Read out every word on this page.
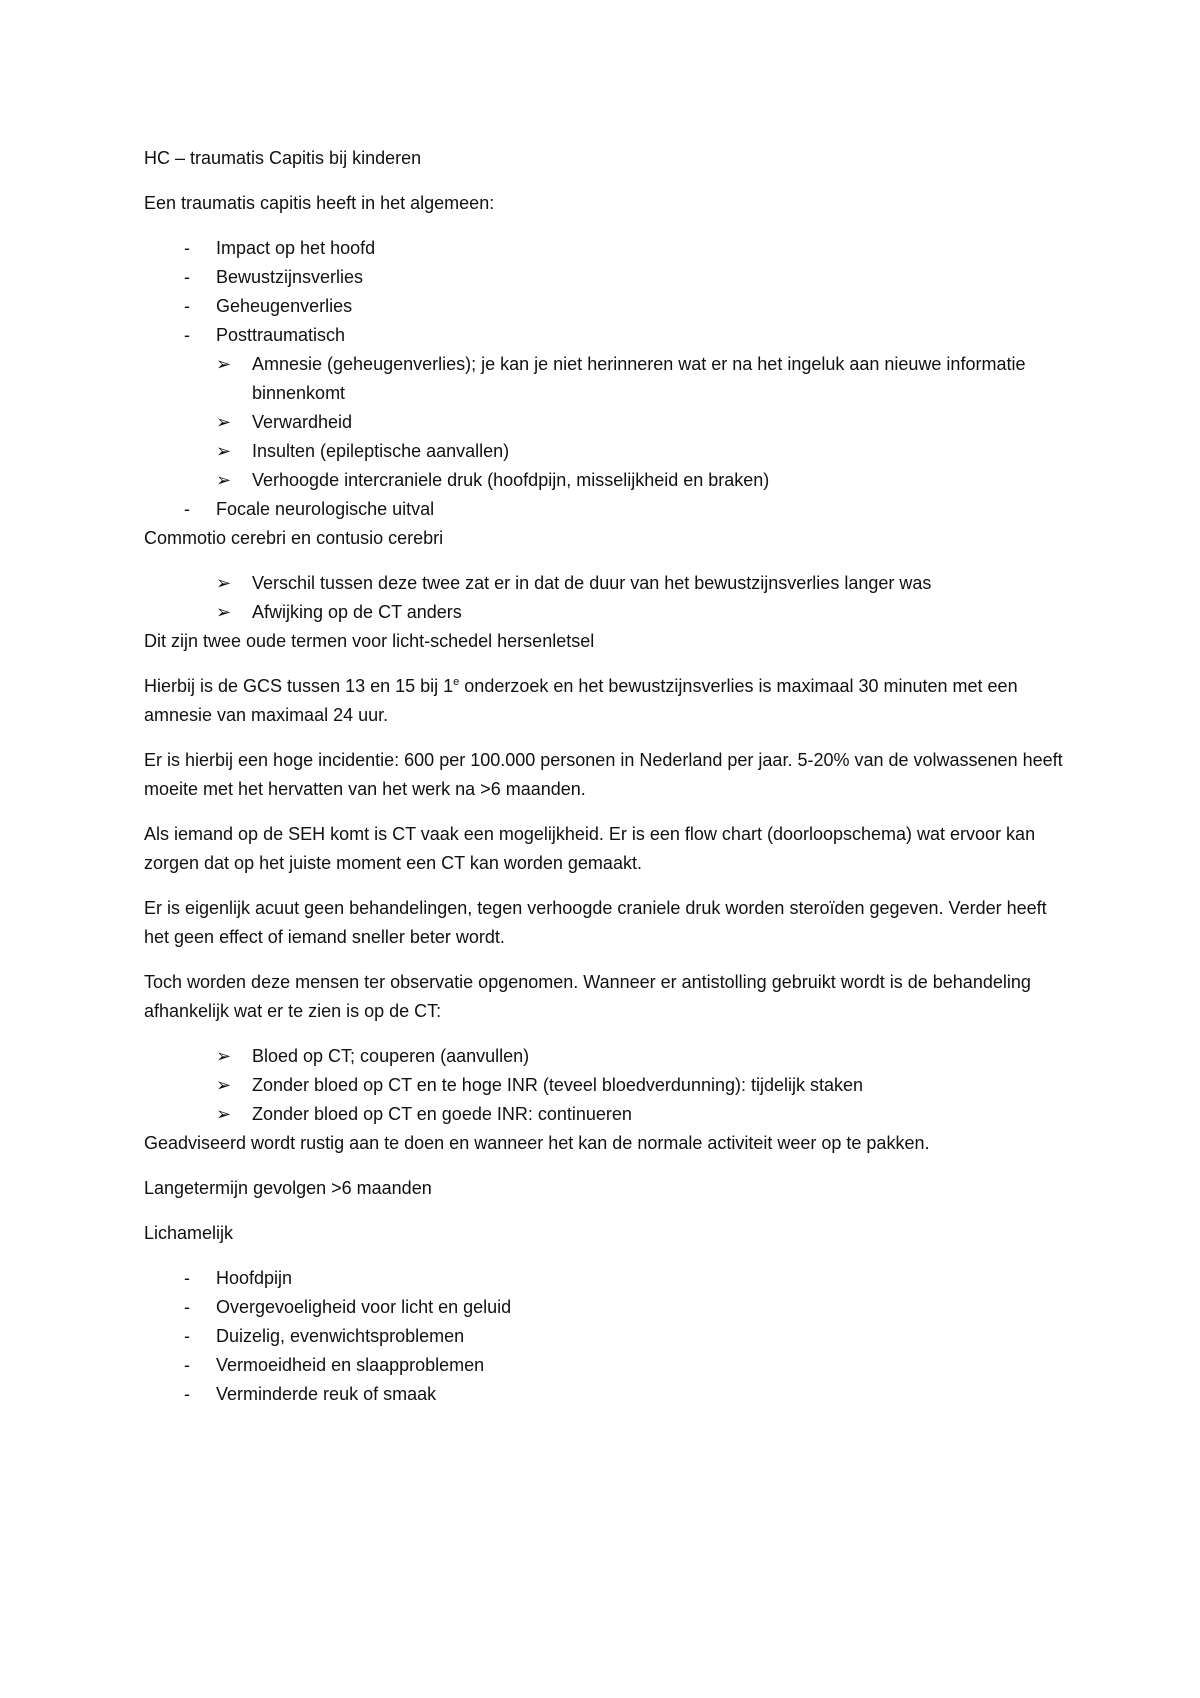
HC – traumatis Capitis bij kinderen

Een traumatis capitis heeft in het algemeen:

- Impact op het hoofd
- Bewustzijnsverlies
- Geheugenverlies
- Posttraumatisch
➢ Amnesie (geheugenverlies); je kan je niet herinneren wat er na het ingeluk aan nieuwe informatie binnenkomt
➢ Verwardheid
➢ Insulten (epileptische aanvallen)
➢ Verhoogde intercraniele druk (hoofdpijn, misselijkheid en braken)
- Focale neurologische uitval

Commotio cerebri en contusio cerebri

➢ Verschil tussen deze twee zat er in dat de duur van het bewustzijnsverlies langer was
➢ Afwijking op de CT anders

Dit zijn twee oude termen voor licht-schedel hersenletsel

Hierbij is de GCS tussen 13 en 15 bij 1e onderzoek en het bewustzijnsverlies is maximaal 30 minuten met een amnesie van maximaal 24 uur.

Er is hierbij een hoge incidentie: 600 per 100.000 personen in Nederland per jaar. 5-20% van de volwassenen heeft moeite met het hervatten van het werk na >6 maanden.

Als iemand op de SEH komt is CT vaak een mogelijkheid. Er is een flow chart (doorloopschema) wat ervoor kan zorgen dat op het juiste moment een CT kan worden gemaakt.

Er is eigenlijk acuut geen behandelingen, tegen verhoogde craniele druk worden steroïden gegeven. Verder heeft het geen effect of iemand sneller beter wordt.

Toch worden deze mensen ter observatie opgenomen. Wanneer er antistolling gebruikt wordt is de behandeling afhankelijk wat er te zien is op de CT:

➢ Bloed op CT; couperen (aanvullen)
➢ Zonder bloed op CT en te hoge INR (teveel bloedverdunning): tijdelijk staken
➢ Zonder bloed op CT en goede INR: continueren

Geadviseerd wordt rustig aan te doen en wanneer het kan de normale activiteit weer op te pakken.

Langetermijn gevolgen >6 maanden

Lichamelijk

- Hoofdpijn
- Overgevoeligheid voor licht en geluid
- Duizelig, evenwichtsproblemen
- Vermoeidheid en slaapproblemen
- Verminderde reuk of smaak
